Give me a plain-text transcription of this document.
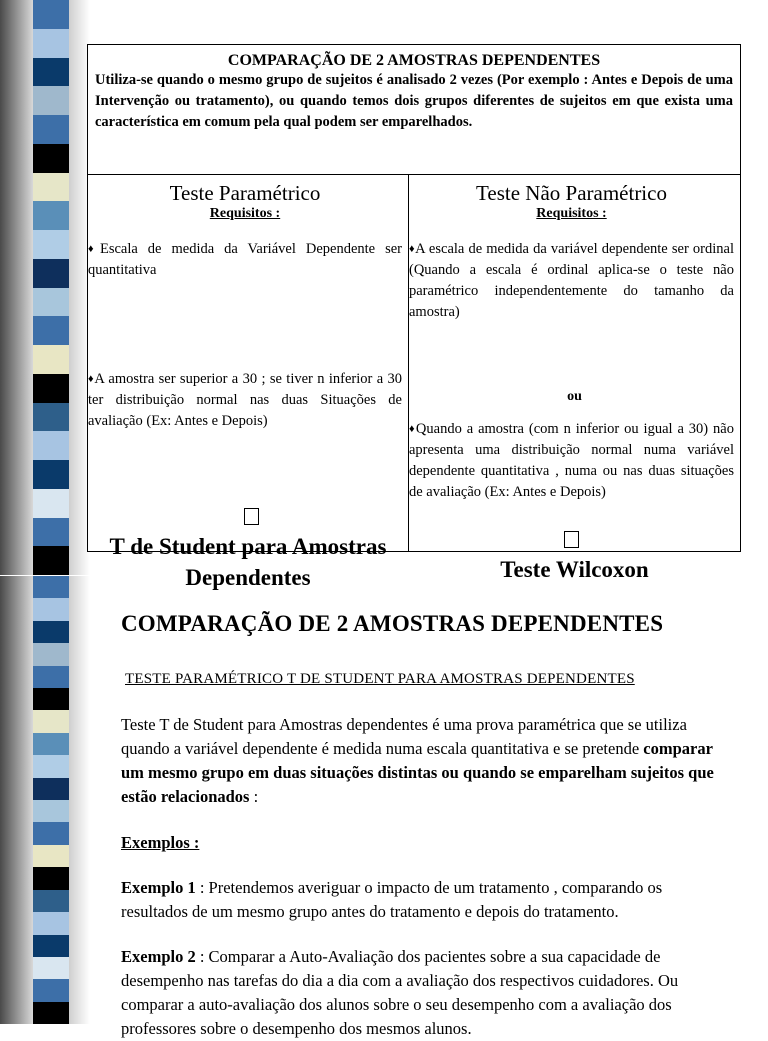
COMPARAÇÃO DE 2 AMOSTRAS DEPENDENTES

Utiliza-se quando o mesmo grupo de sujeitos é analisado 2 vezes (Por exemplo : Antes e Depois de uma Intervenção ou tratamento), ou quando temos dois grupos diferentes de sujeitos em que exista uma característica em comum pela qual podem ser emparelhados.

Teste Paramétrico
Requisitos :
♦Escala de medida da Variável Dependente ser quantitativa
♦A amostra ser superior a 30 ; se tiver n inferior a 30 ter distribuição normal nas duas Situações de avaliação (Ex: Antes e Depois)
T de Student para Amostras Dependentes
Teste Não Paramétrico
Requisitos :
♦A escala de medida da variável dependente ser ordinal (Quando a escala é ordinal aplica-se o teste não paramétrico independentemente do tamanho da amostra)
ou
♦Quando a amostra (com n inferior ou igual a 30) não apresenta uma distribuição normal numa variável dependente quantitativa , numa ou nas duas situações de avaliação (Ex: Antes e Depois)
Teste Wilcoxon
COMPARAÇÃO DE 2 AMOSTRAS DEPENDENTES
TESTE PARAMÉTRICO T DE STUDENT PARA AMOSTRAS DEPENDENTES
Teste T de Student para Amostras dependentes é uma prova paramétrica que se utiliza quando a variável dependente é medida numa escala quantitativa e se pretende comparar um mesmo grupo em duas situações distintas ou quando se emparelham sujeitos que estão relacionados :
Exemplos :
Exemplo 1 : Pretendemos averiguar o impacto de um tratamento , comparando os resultados de um mesmo grupo antes do tratamento e depois do tratamento.
Exemplo 2 : Comparar a Auto-Avaliação dos pacientes sobre a sua capacidade de desempenho nas tarefas do dia a dia com a avaliação dos respectivos cuidadores. Ou comparar a auto-avaliação dos alunos sobre o seu desempenho com a avaliação dos professores sobre o desempenho dos mesmos alunos.
